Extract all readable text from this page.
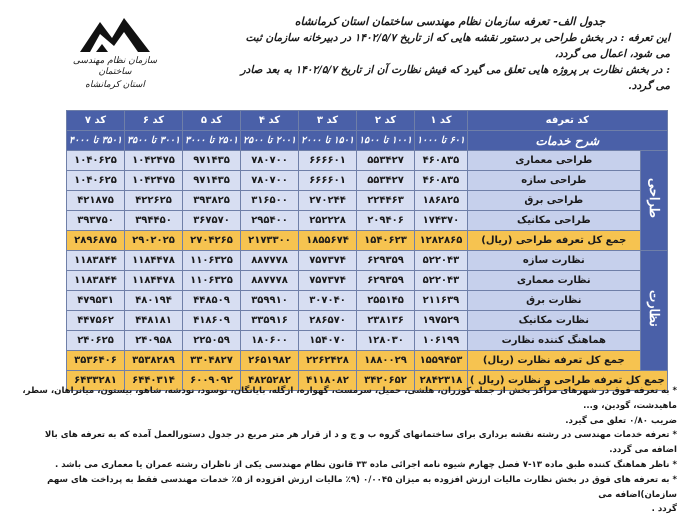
سازمان نظام مهندسی ساختمان
استان کرمانشاه
جدول الف- تعرفه سازمان نظام مهندسی ساختمان استان کرمانشاه
این تعرفه : در بخش طراحی بر دستور نقشه هایی که از تاریخ ۱۴۰۲/۵/۷ در دبیرخانه سازمان ثبت می شود، اعمال می گردد،
: در بخش نظارت بر پروژه هایی تعلق می گیرد که فیش نظارت آن از تاریخ ۱۴۰۲/۵/۷ به بعد صادر می گردد.
کد تعرفه		کد ۱	کد ۲	کد ۳	کد ۴	کد ۵	کد ۶	کد ۷
شرح خدمات		۶۰۱ تا ۱۰۰۰	۱۰۰۱ تا ۱۵۰۰	۱۵۰۱ تا ۲۰۰۰	۲۰۰۱ تا ۲۵۰۰	۲۵۰۱ تا ۳۰۰۰	۳۰۰۱ تا ۳۵۰۰	۳۵۰۱ تا ۴۰۰۰
طراحی	طراحی معماری	۴۶۰۸۳۵	۵۵۳۴۲۷	۶۶۶۶۰۱	۷۸۰۷۰۰	۹۷۱۴۳۵	۱۰۴۲۴۷۵	۱۰۴۰۶۲۵
	طراحی سازه	۴۶۰۸۳۵	۵۵۳۴۲۷	۶۶۶۶۰۱	۷۸۰۷۰۰	۹۷۱۴۳۵	۱۰۴۲۴۷۵	۱۰۴۰۶۲۵
	طراحی برق	۱۸۶۸۲۵	۲۲۴۴۶۳	۲۷۰۲۴۴	۳۱۶۵۰۰	۳۹۳۸۲۵	۴۲۲۶۲۵	۴۲۱۸۷۵
	طراحی مکانیک	۱۷۴۳۷۰	۲۰۹۴۰۶	۲۵۲۲۲۸	۲۹۵۴۰۰	۳۶۷۵۷۰	۳۹۴۴۵۰	۳۹۳۷۵۰
	جمع کل تعرفه طراحی (ریال)	۱۲۸۲۸۶۵	۱۵۴۰۶۲۳	۱۸۵۵۶۷۴	۲۱۷۳۳۰۰	۲۷۰۴۲۶۵	۲۹۰۲۰۲۵	۲۸۹۶۸۷۵
نظارت	نظارت سازه	۵۲۲۰۴۳	۶۲۹۳۵۹	۷۵۷۳۷۴	۸۸۷۷۷۸	۱۱۰۶۳۲۵	۱۱۸۴۴۷۸	۱۱۸۳۸۴۴
	نظارت معماری	۵۲۲۰۴۳	۶۲۹۳۵۹	۷۵۷۳۷۴	۸۸۷۷۷۸	۱۱۰۶۳۲۵	۱۱۸۴۴۷۸	۱۱۸۳۸۴۴
	نظارت برق	۲۱۱۶۳۹	۲۵۵۱۴۵	۳۰۷۰۴۰	۳۵۹۹۱۰	۴۴۸۵۰۹	۴۸۰۱۹۴	۴۷۹۵۳۱
	نظارت مکانیک	۱۹۷۵۲۹	۲۳۸۱۳۶	۲۸۶۵۷۰	۳۳۵۹۱۶	۴۱۸۶۰۹	۴۴۸۱۸۱	۴۴۷۵۶۲
	هماهنگ کننده نظارت	۱۰۶۱۹۹	۱۲۸۰۳۰	۱۵۴۰۷۰	۱۸۰۶۰۰	۲۲۵۰۵۹	۲۴۰۹۵۸	۲۴۰۶۲۵
	جمع کل تعرفه نظارت (ریال)	۱۵۵۹۴۵۳	۱۸۸۰۰۲۹	۲۲۶۲۴۲۸	۲۶۵۱۹۸۲	۳۳۰۴۸۲۷	۳۵۳۸۲۸۹	۳۵۳۶۴۰۶
جمع کل تعرفه طراحی و نظارت (ریال )		۲۸۴۲۳۱۸	۳۴۲۰۶۵۲	۴۱۱۸۰۸۲	۴۸۲۵۲۸۲	۶۰۰۹۰۹۲	۶۴۴۰۳۱۴	۶۴۳۳۲۸۱

* به تعرفه فوق در شهرهای مراکز بخش از جمله کوزران، هلشی، حمیل، سرمست، گهواره، ازگله، بایانگان، نوسود، نودشه، شاهو، بیستون، میانراهان، سطر، ماهیدشت، گودین، و...

ضریب ۰/۸۰ تعلق می گیرد.

* تعرفه خدمات مهندسی در رشته نقشه برداری برای ساختمانهای گروه ب و ج و د از قرار هر متر مربع در جدول دستورالعمل آمده که به تعرفه های بالا اضافه می گردد.

* ناظر هماهنگ کننده طبق ماده ۱۳-۷ فصل چهارم شیوه نامه اجرائی ماده ۳۳ قانون نظام مهندسی یکی از ناظران رشته عمران یا معماری می باشد .

* به تعرفه های فوق در بخش نظارت مالیات ارزش افزوده به میزان ۰/۰۰۴۵ (۹٪ مالیات ارزش افزوده از ۵٪ خدمات مهندسی فقط به پرداخت های سهم سازمان)اضافه می

گردد .
